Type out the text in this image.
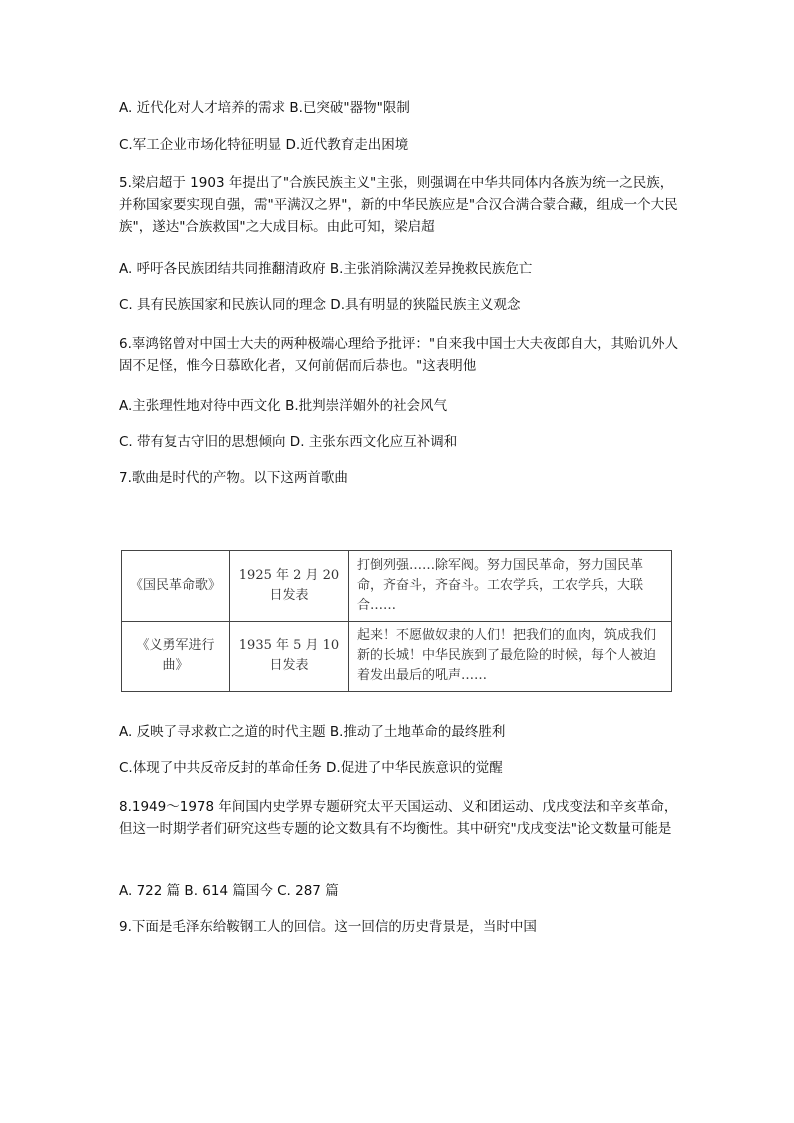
A. 近代化对人才培养的需求 B.已突破"器物"限制
C.军工企业市场化特征明显 D.近代教育走出困境
5.梁启超于 1903 年提出了"合族民族主义"主张，则强调在中华共同体内各族为统一之民族，并称国家要实现自强，需"平满汉之界"，新的中华民族应是"合汉合满合蒙合藏，组成一个大民族"，遂达"合族救国"之大成目标。由此可知，梁启超
A. 呼吁各民族团结共同推翻清政府 B.主张消除满汉差异挽救民族危亡
C. 具有民族国家和民族认同的理念 D.具有明显的狭隘民族主义观念
6.辜鸿铭曾对中国士大夫的两种极端心理给予批评："自来我中国士大夫夜郎自大，其贻讥外人固不足怪，惟今日慕欧化者，又何前倨而后恭也。"这表明他
A.主张理性地对待中西文化 B.批判崇洋媚外的社会风气
C. 带有复古守旧的思想倾向 D. 主张东西文化应互补调和
7.歌曲是时代的产物。以下这两首歌曲
《国民革命歌》	1925 年 2 月 20 日发表	打倒列强……除军阀。努力国民革命，努力国民革命，齐奋斗，齐奋斗。工农学兵，工农学兵，大联合……
《义勇军进行曲》	1935 年 5 月 10 日发表	起来！不愿做奴隶的人们！把我们的血肉，筑成我们新的长城！中华民族到了最危险的时候，每个人被迫着发出最后的吼声……
A. 反映了寻求救亡之道的时代主题 B.推动了土地革命的最终胜利
C.体现了中共反帝反封的革命任务 D.促进了中华民族意识的觉醒
8.1949～1978 年间国内史学界专题研究太平天国运动、义和团运动、戊戌变法和辛亥革命，但这一时期学者们研究这些专题的论文数具有不均衡性。其中研究"戊戌变法"论文数量可能是
A. 722 篇 B. 614 篇国今 C. 287 篇
9.下面是毛泽东给鞍钢工人的回信。这一回信的历史背景是，当时中国
